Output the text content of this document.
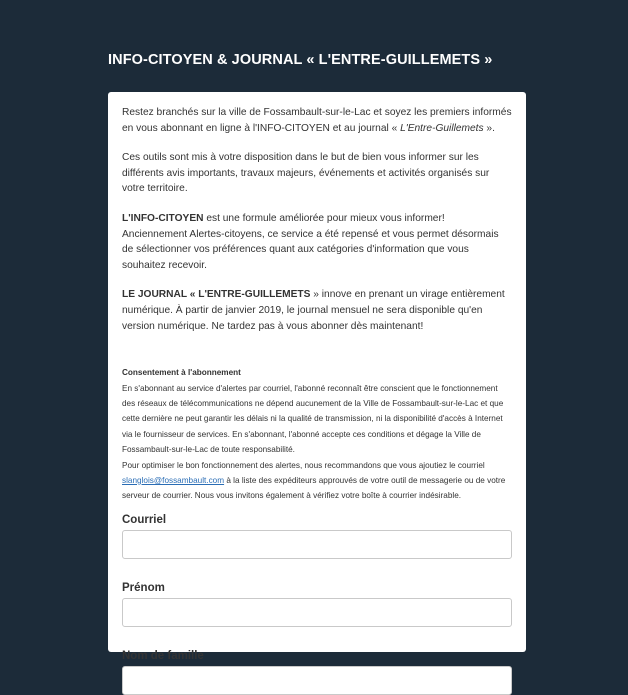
INFO-CITOYEN & JOURNAL « L'ENTRE-GUILLEMETS »

Restez branchés sur la ville de Fossambault-sur-le-Lac et soyez les premiers informés en vous abonnant en ligne à l'INFO-CITOYEN et au journal « L'Entre-Guillemets ».

Ces outils sont mis à votre disposition dans le but de bien vous informer sur les différents avis importants, travaux majeurs, événements et activités organisés sur votre territoire.

L'INFO-CITOYEN est une formule améliorée pour mieux vous informer! Anciennement Alertes-citoyens, ce service a été repensé et vous permet désormais de sélectionner vos préférences quant aux catégories d'information que vous souhaitez recevoir.

LE JOURNAL « L'ENTRE-GUILLEMETS » innove en prenant un virage entièrement numérique. À partir de janvier 2019, le journal mensuel ne sera disponible qu'en version numérique. Ne tardez pas à vous abonner dès maintenant!

Consentement à l'abonnement
En s'abonnant au service d'alertes par courriel, l'abonné reconnaît être conscient que le fonctionnement des réseaux de télécommunications ne dépend aucunement de la Ville de Fossambault-sur-le-Lac et que cette dernière ne peut garantir les délais ni la qualité de transmission, ni la disponibilité d'accès à Internet via le fournisseur de services. En s'abonnant, l'abonné accepte ces conditions et dégage la Ville de Fossambault-sur-le-Lac de toute responsabilité.
Pour optimiser le bon fonctionnement des alertes, nous recommandons que vous ajoutiez le courriel slanglois@fossambault.com à la liste des expéditeurs approuvés de votre outil de messagerie ou de votre serveur de courrier. Nous vous invitons également à vérifiez votre boîte à courrier indésirable.
Courriel
Prénom
Nom de famille
